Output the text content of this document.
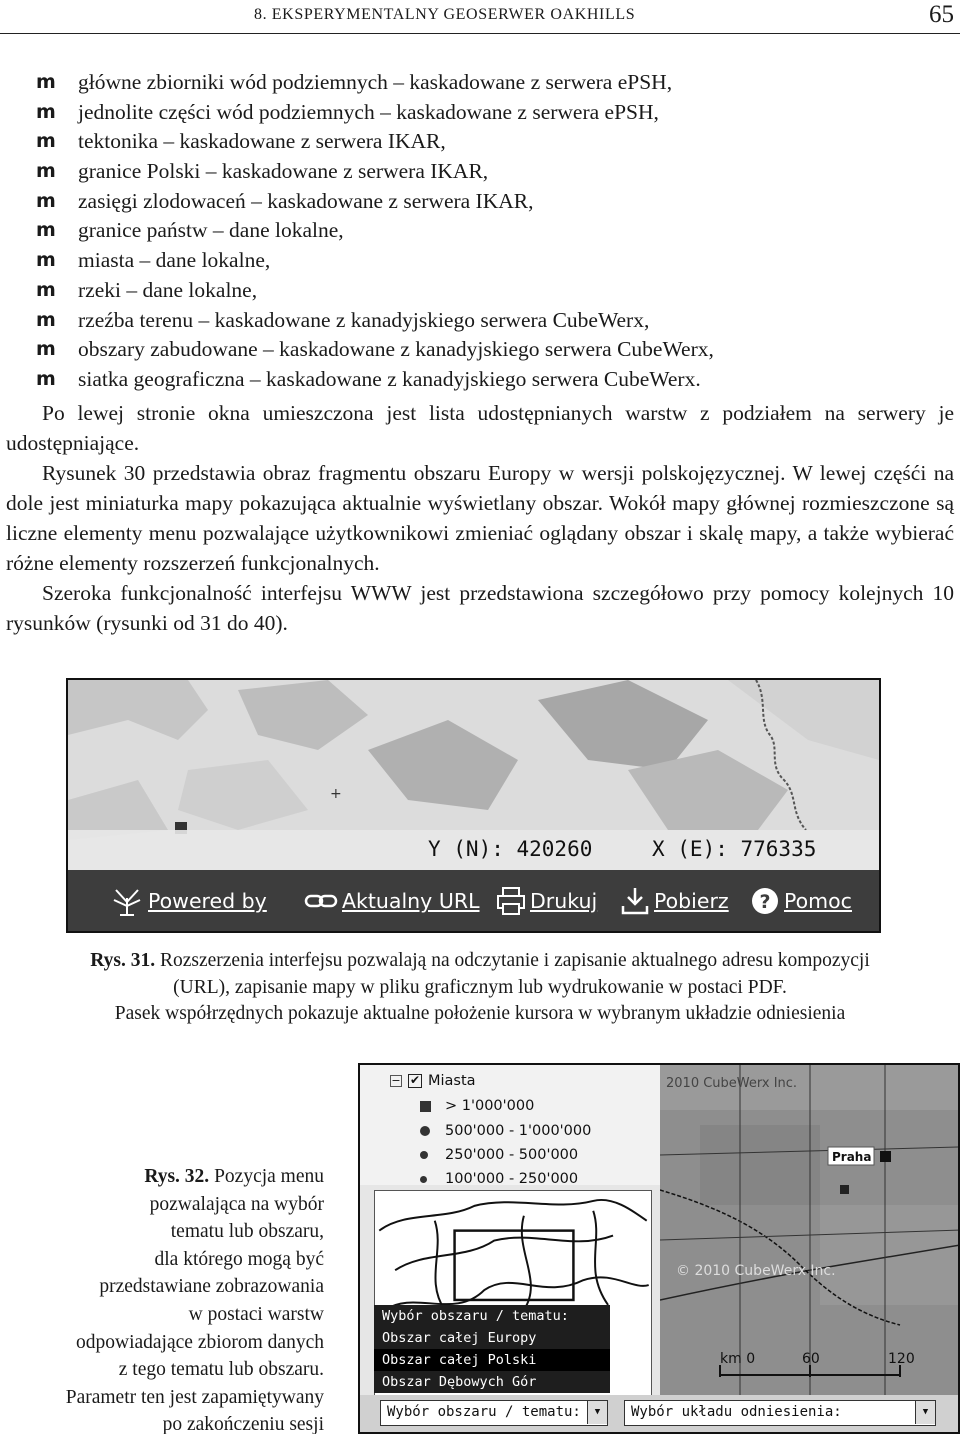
8. EKSPERYMENTALNY GEOSERWER OAKHILLS	65
m główne zbiorniki wód podziemnych – kaskadowane z serwera ePSH,
m jednolite części wód podziemnych – kaskadowane z serwera ePSH,
m tektonika – kaskadowane z serwera IKAR,
m granice Polski – kaskadowane z serwera IKAR,
m zasięgi zlodowaceń – kaskadowane z serwera IKAR,
m granice państw – dane lokalne,
m miasta – dane lokalne,
m rzeki – dane lokalne,
m rzeźba terenu – kaskadowane z kanadyjskiego serwera CubeWerx,
m obszary zabudowane – kaskadowane z kanadyjskiego serwera CubeWerx,
m siatka geograficzna – kaskadowane z kanadyjskiego serwera CubeWerx.

Po lewej stronie okna umieszczona jest lista udostępnianych warstw z podziałem na serwery je udostępniające.

Rysunek 30 przedstawia obraz fragmentu obszaru Europy w wersji polskojęzycznej. W lewej częśći na dole jest miniaturka mapy pokazująca aktualnie wyświetlany obszar. Wokół mapy głównej rozmieszczone są liczne elementy menu pozwalające użytkownikowi zmieniać oglądany obszar i skalę mapy, a także wybierać różne elementy rozszerzeń funkcjonalnych.

Szeroka funkcjonalność interfejsu WWW jest przedstawiona szczegółowo przy pomocy kolejnych 10 rysunków (rysunki od 31 do 40).

+
Y (N): 420260	X (E): 776335
Powered by	Aktualny URL Drukuj	Pobierz ? Pomoc
Rys. 31. Rozszerzenia interfejsu pozwalają na odczytanie i zapisanie aktualnego adresu kompozycji
(URL), zapisanie mapy w pliku graficznym lub wydrukowanie w postaci PDF.
Pasek współrzędnych pokazuje aktualne położenie kursora w wybranym układzie odniesienia
− ✔ Miasta
> 1'000'000
500'000 - 1'000'000
250'000 - 500'000
100'000 - 250'000
2010 CubeWerx Inc.
© 2010 CubeWerx Inc.
Praha
km 0	60	120
Wybór obszaru / tematu:
Obszar całej Europy
Obszar całej Polski
Obszar Dębowych Gór
Wybór obszaru / tematu:	▼	Wybór układu odniesienia:	▼
Rys. 32. Pozycja menu
pozwalająca na wybór
tematu lub obszaru,
dla którego mogą być
przedstawiane zobrazowania
w postaci warstw
odpowiadające zbiorom danych
z tego tematu lub obszaru.
Parametr ten jest zapamiętywany
po zakończeniu sesji
